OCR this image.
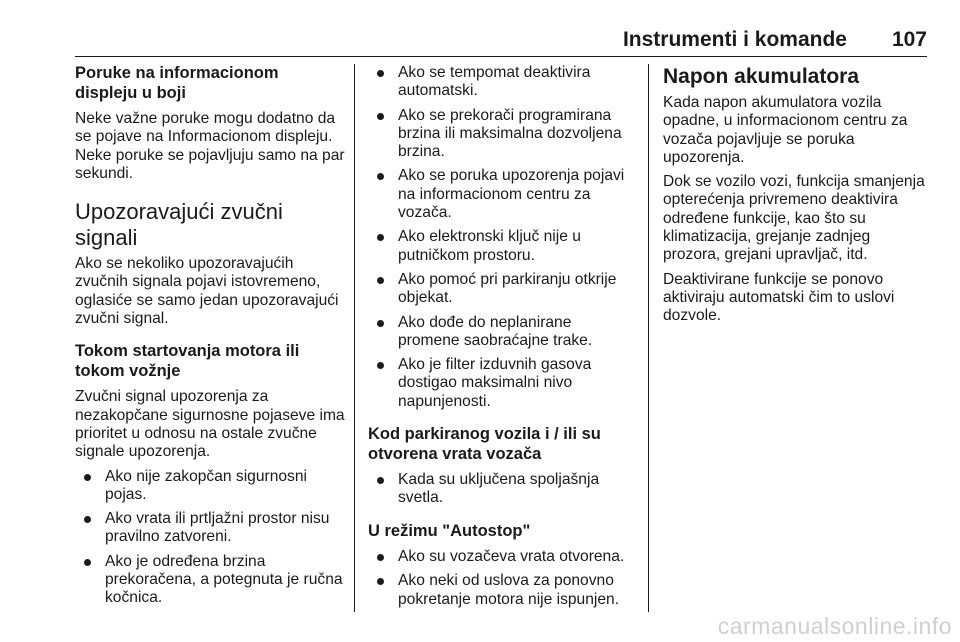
Instrumenti i komande 107
Poruke na informacionom displeju u boji

Neke važne poruke mogu dodatno da se pojave na Informacionom displeju. Neke poruke se pojavljuju samo na par sekundi.

Upozoravajući zvučni signali

Ako se nekoliko upozoravajućih zvučnih signala pojavi istovremeno, oglasiće se samo jedan upozoravajući zvučni signal.

Tokom startovanja motora ili tokom vožnje

Zvučni signal upozorenja za nezakopčane sigurnosne pojaseve ima prioritet u odnosu na ostale zvučne signale upozorenja.

Ako nije zakopčan sigurnosni pojas.
Ako vrata ili prtljažni prostor nisu pravilno zatvoreni.
Ako je određena brzina prekoračena, a potegnuta je ručna kočnica.
Ako se tempomat deaktivira automatski.
Ako se prekorači programirana brzina ili maksimalna dozvoljena brzina.
Ako se poruka upozorenja pojavi na informacionom centru za vozača.
Ako elektronski ključ nije u putničkom prostoru.
Ako pomoć pri parkiranju otkrije objekat.
Ako dođe do neplanirane promene saobraćajne trake.
Ako je filter izduvnih gasova dostigao maksimalni nivo napunjenosti.
Kod parkiranog vozila i / ili su otvorena vrata vozača
Kada su uključena spoljašnja svetla.
U režimu "Autostop"
Ako su vozačeva vrata otvorena.
Ako neki od uslova za ponovno pokretanje motora nije ispunjen.
Napon akumulatora

Kada napon akumulatora vozila opadne, u informacionom centru za vozača pojavljuje se poruka upozorenja.

Dok se vozilo vozi, funkcija smanjenja opterećenja privremeno deaktivira određene funkcije, kao što su klimatizacija, grejanje zadnjeg prozora, grejani upravljač, itd.

Deaktivirane funkcije se ponovo aktiviraju automatski čim to uslovi dozvole.

carmanualsonline.info
